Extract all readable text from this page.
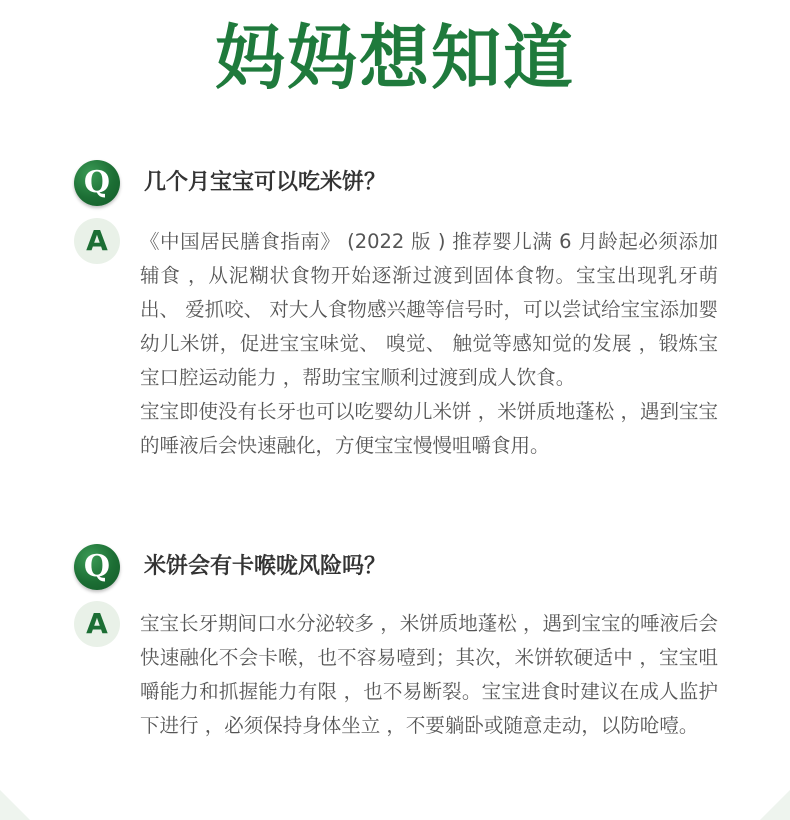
妈妈想知道
Q	几个月宝宝可以吃米饼？
A	《中国居民膳食指南》 (2022 版 ) 推荐婴儿满 6 月龄起必须添加辅食 ，从泥糊状食物开始逐渐过渡到固体食物。宝宝出现乳牙萌出、 爱抓咬、 对大人食物感兴趣等信号时，可以尝试给宝宝添加婴幼儿米饼，促进宝宝味觉、 嗅觉、 触觉等感知觉的发展 ，锻炼宝宝口腔运动能力 ，帮助宝宝顺利过渡到成人饮食。

宝宝即使没有长牙也可以吃婴幼儿米饼 ，米饼质地蓬松 ，遇到宝宝的唾液后会快速融化，方便宝宝慢慢咀嚼食用。

Q	米饼会有卡喉咙风险吗？
A	宝宝长牙期间口水分泌较多 ，米饼质地蓬松 ，遇到宝宝的唾液后会快速融化不会卡喉，也不容易噎到；其次，米饼软硬适中 ，宝宝咀嚼能力和抓握能力有限 ，也不易断裂。宝宝进食时建议在成人监护下进行 ，必须保持身体坐立 ，不要躺卧或随意走动，以防呛噎。
